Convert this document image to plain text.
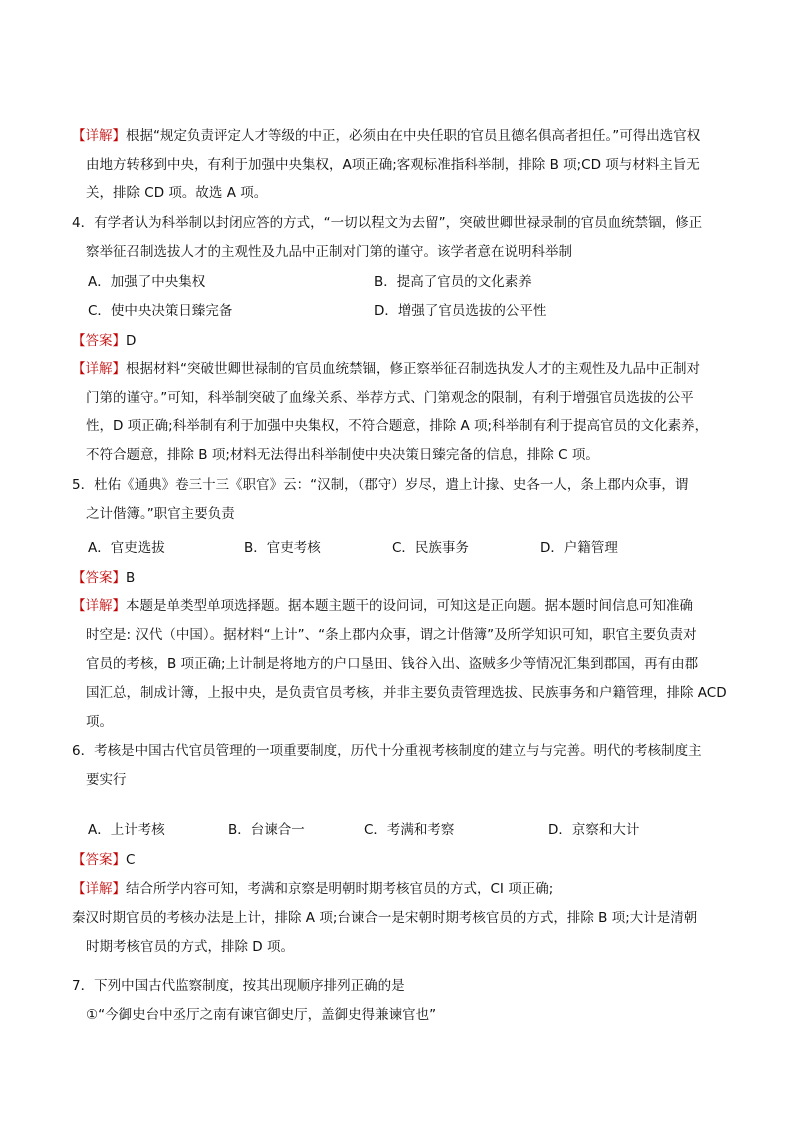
【详解】根据“规定负责评定人才等级的中正，必须由在中央任职的官员且德名俱高者担任。”可得出选官权
由地方转移到中央，有利于加强中央集权，A项正确;客观标准指科举制，排除 B 项;CD 项与材料主旨无
关，排除 CD 项。故选 A 项。
4．有学者认为科举制以封闭应答的方式，“一切以程文为去留”，突破世卿世禄录制的官员血统禁锢，修正
察举征召制选拔人才的主观性及九品中正制对门第的谨守。该学者意在说明科举制
A．加强了中央集权	B．提高了官员的文化素养
C．使中央决策日臻完备	D．增强了官员选拔的公平性
【答案】D
【详解】根据材料“突破世卿世禄制的官员血统禁锢，修正察举征召制选执发人才的主观性及九品中正制对
门第的谨守。”可知，科举制突破了血缘关系、举荐方式、门第观念的限制，有利于增强官员选拔的公平
性，D 项正确;科举制有利于加强中央集权，不符合题意，排除 A 项;科举制有利于提高官员的文化素养，
不符合题意，排除 B 项;材料无法得出科举制使中央决策日臻完备的信息，排除 C 项。
5．杜佑《通典》卷三十三《职官》云：“汉制，（郡守）岁尽，遣上计掾、史各一人，条上郡内众事，谓
之计偕簿。”职官主要负责
A．官吏选拔	B．官吏考核	C．民族事务	D．户籍管理
【答案】B
【详解】本题是单类型单项选择题。据本题主题干的设问词，可知这是正向题。据本题时间信息可知准确
时空是: 汉代（中国）。据材料“上计”、“条上郡内众事，谓之计偕簿”及所学知识可知，职官主要负责对
官员的考核，B 项正确;上计制是将地方的户口垦田、钱谷入出、盗贼多少等情况汇集到郡国，再有由郡
国汇总，制成计簿，上报中央，是负责官员考核，并非主要负责管理选拔、民族事务和户籍管理，排除 ACD
项。
6．考核是中国古代官员管理的一项重要制度，历代十分重视考核制度的建立与与完善。明代的考核制度主
要实行
A．上计考核	B．台谏合一	C．考满和考察	D．京察和大计
【答案】C
【详解】结合所学内容可知，考满和京察是明朝时期考核官员的方式，CI 项正确;
秦汉时期官员的考核办法是上计，排除 A 项;台谏合一是宋朝时期考核官员的方式，排除 B 项;大计是清朝
时期考核官员的方式，排除 D 项。
7．下列中国古代监察制度，按其出现顺序排列正确的是
①“今御史台中丞厅之南有谏官御史厅，盖御史得兼谏官也”
